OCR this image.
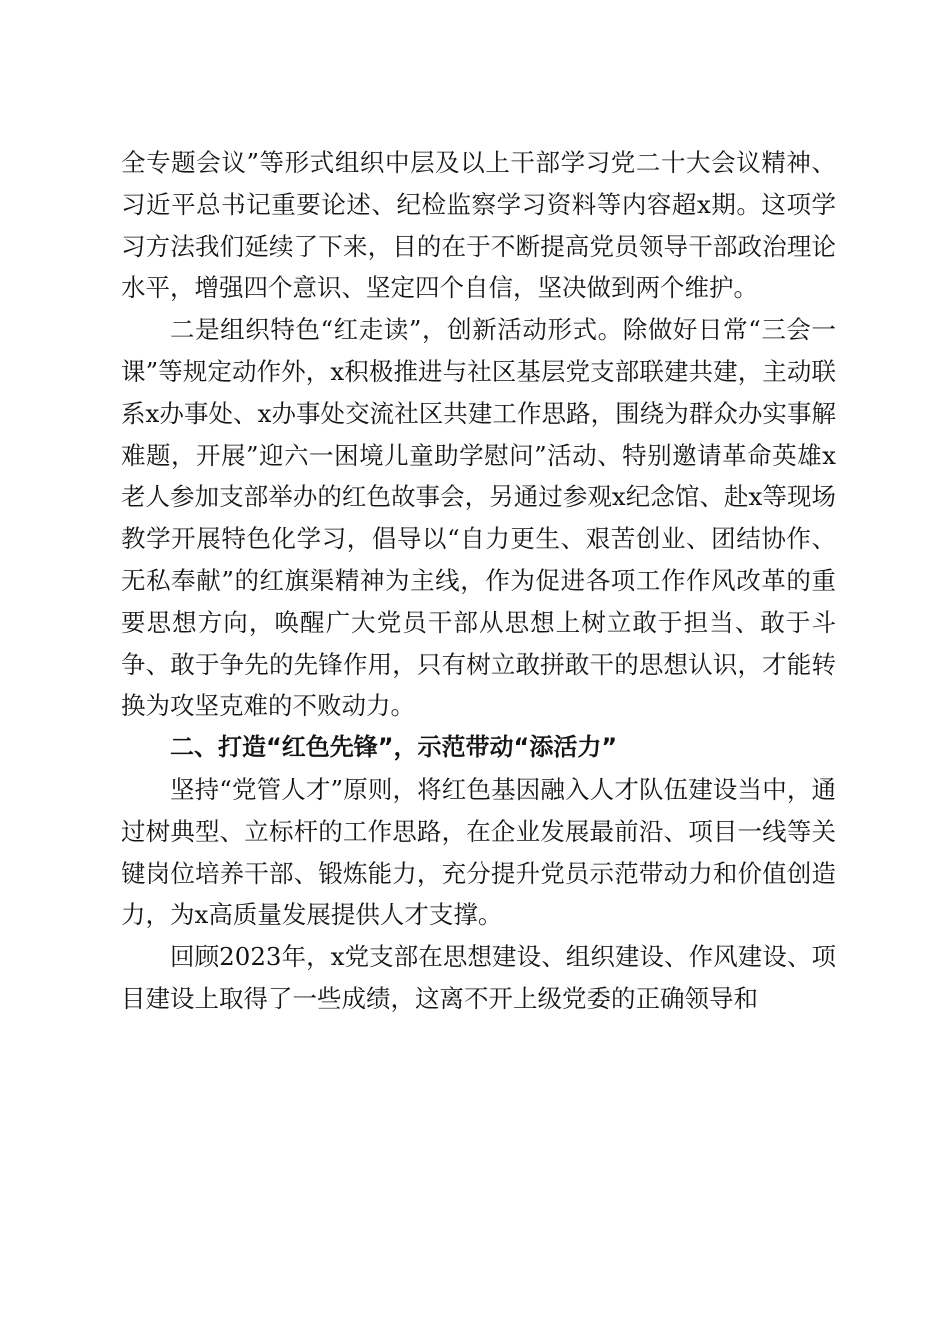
全专题会议”等形式组织中层及以上干部学习党二十大会议精神、习近平总书记重要论述、纪检监察学习资料等内容超x期。这项学习方法我们延续了下来，目的在于不断提高党员领导干部政治理论水平，增强四个意识、坚定四个自信，坚决做到两个维护。

二是组织特色“红走读”，创新活动形式。除做好日常“三会一课”等规定动作外，x积极推进与社区基层党支部联建共建，主动联系x办事处、x办事处交流社区共建工作思路，围绕为群众办实事解难题，开展”迎六一困境儿童助学慰问”活动、特别邀请革命英雄x老人参加支部举办的红色故事会，另通过参观x纪念馆、赴x等现场教学开展特色化学习，倡导以“自力更生、艰苦创业、团结协作、无私奉献”的红旗渠精神为主线，作为促进各项工作作风改革的重要思想方向，唤醒广大党员干部从思想上树立敢于担当、敢于斗争、敢于争先的先锋作用，只有树立敢拼敢干的思想认识，才能转换为攻坚克难的不败动力。

二、打造“红色先锋”，示范带动“添活力”

坚持“党管人才”原则，将红色基因融入人才队伍建设当中，通过树典型、立标杆的工作思路，在企业发展最前沿、项目一线等关键岗位培养干部、锻炼能力，充分提升党员示范带动力和价值创造力，为x高质量发展提供人才支撑。

回顾2023年，x党支部在思想建设、组织建设、作风建设、项目建设上取得了一些成绩，这离不开上级党委的正确领导和
